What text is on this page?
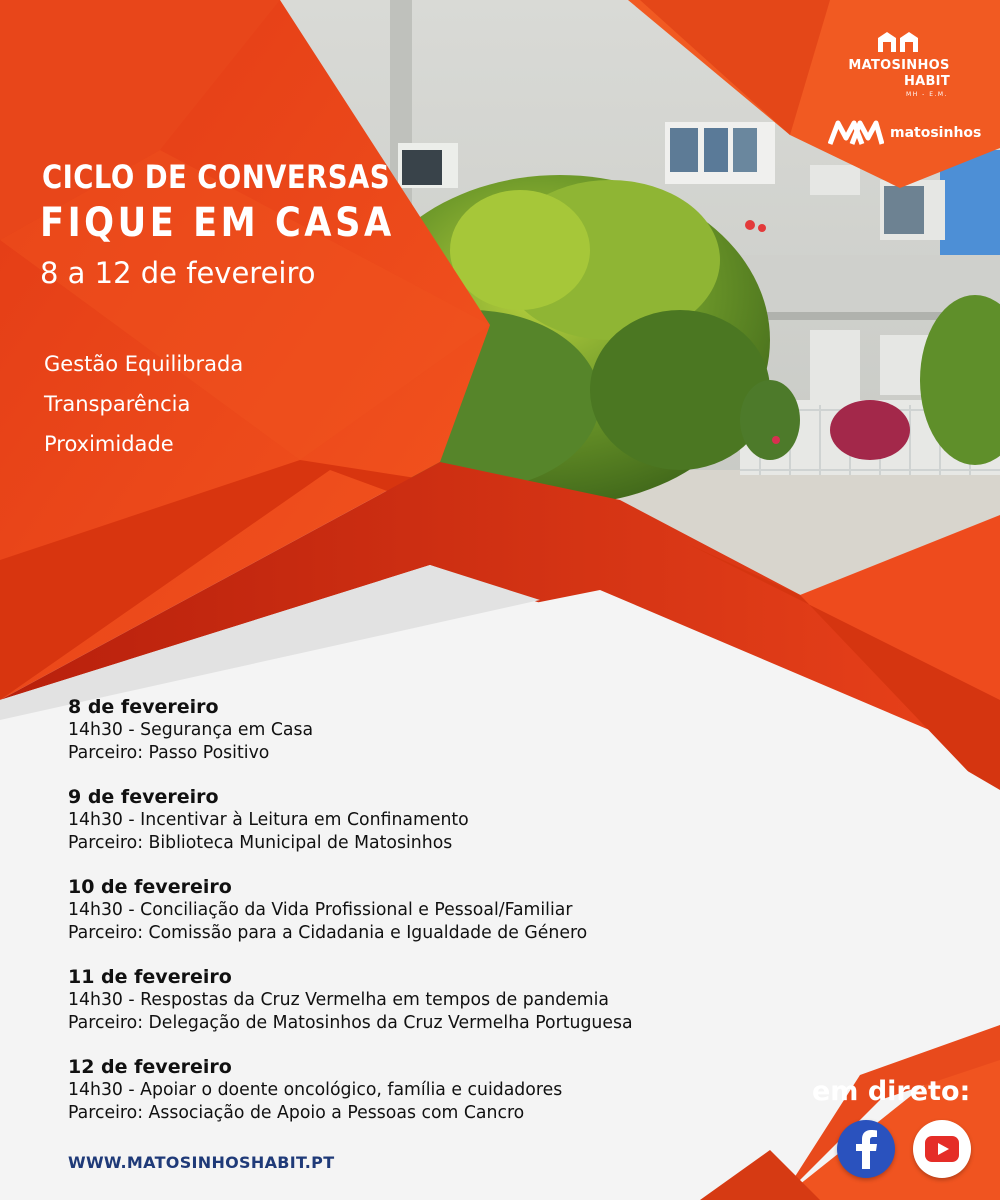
MATOSINHOS
HABIT
MH - E.M.
matosinhos
CICLO DE CONVERSAS
FIQUE EM CASA
8 a 12 de fevereiro
Gestão Equilibrada
Transparência
Proximidade
8 de fevereiro
14h30 - Segurança em Casa
Parceiro: Passo Positivo
9 de fevereiro
14h30 - Incentivar à Leitura em Confinamento
Parceiro: Biblioteca Municipal de Matosinhos
10 de fevereiro
14h30 - Conciliação da Vida Profissional e Pessoal/Familiar
Parceiro: Comissão para a Cidadania e Igualdade de Género
11 de fevereiro
14h30 - Respostas da Cruz Vermelha em tempos de pandemia
Parceiro: Delegação de Matosinhos da Cruz Vermelha Portuguesa
12 de fevereiro
14h30 - Apoiar o doente oncológico, família e cuidadores
Parceiro: Associação de Apoio a Pessoas com Cancro
WWW.MATOSINHOSHABIT.PT
em direto:
